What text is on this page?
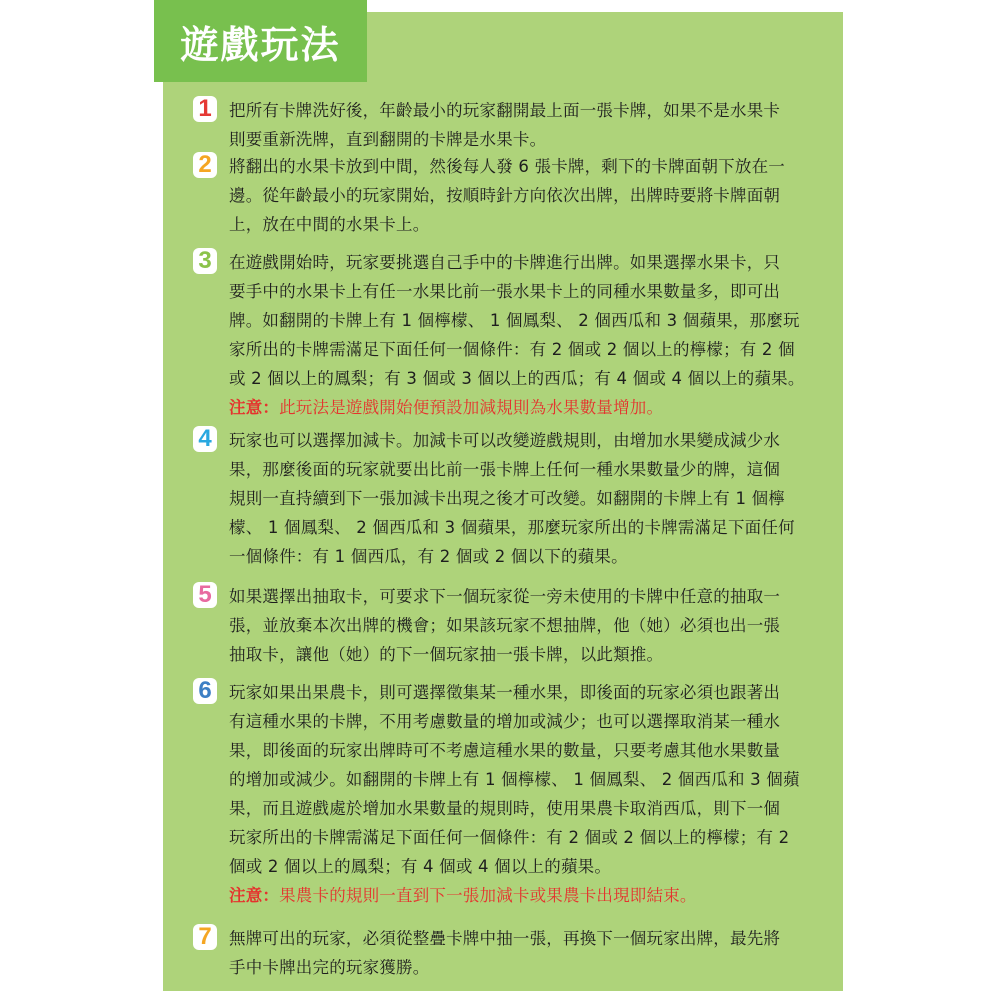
遊戲玩法
1 把所有卡牌洗好後，年齡最小的玩家翻開最上面一張卡牌，如果不是水果卡
則要重新洗牌，直到翻開的卡牌是水果卡。
2 將翻出的水果卡放到中間，然後每人發 6 張卡牌，剩下的卡牌面朝下放在一
邊。從年齡最小的玩家開始，按順時針方向依次出牌，出牌時要將卡牌面朝
上，放在中間的水果卡上。
3 在遊戲開始時，玩家要挑選自己手中的卡牌進行出牌。如果選擇水果卡，只
要手中的水果卡上有任一水果比前一張水果卡上的同種水果數量多，即可出
牌。如翻開的卡牌上有 1 個檸檬、 1 個鳳梨、 2 個西瓜和 3 個蘋果，那麼玩
家所出的卡牌需滿足下面任何一個條件：有 2 個或 2 個以上的檸檬；有 2 個
或 2 個以上的鳳梨；有 3 個或 3 個以上的西瓜；有 4 個或 4 個以上的蘋果。
注意：此玩法是遊戲開始便預設加減規則為水果數量增加。
4 玩家也可以選擇加減卡。加減卡可以改變遊戲規則，由增加水果變成減少水
果，那麼後面的玩家就要出比前一張卡牌上任何一種水果數量少的牌，這個
規則一直持續到下一張加減卡出現之後才可改變。如翻開的卡牌上有 1 個檸
檬、 1 個鳳梨、 2 個西瓜和 3 個蘋果，那麼玩家所出的卡牌需滿足下面任何
一個條件：有 1 個西瓜，有 2 個或 2 個以下的蘋果。
5 如果選擇出抽取卡，可要求下一個玩家從一旁未使用的卡牌中任意的抽取一
張，並放棄本次出牌的機會；如果該玩家不想抽牌，他（她）必須也出一張
抽取卡，讓他（她）的下一個玩家抽一張卡牌，以此類推。
6 玩家如果出果農卡，則可選擇徵集某一種水果，即後面的玩家必須也跟著出
有這種水果的卡牌，不用考慮數量的增加或減少；也可以選擇取消某一種水
果，即後面的玩家出牌時可不考慮這種水果的數量，只要考慮其他水果數量
的增加或減少。如翻開的卡牌上有 1 個檸檬、 1 個鳳梨、 2 個西瓜和 3 個蘋
果，而且遊戲處於增加水果數量的規則時，使用果農卡取消西瓜，則下一個
玩家所出的卡牌需滿足下面任何一個條件：有 2 個或 2 個以上的檸檬；有 2
個或 2 個以上的鳳梨；有 4 個或 4 個以上的蘋果。
注意：果農卡的規則一直到下一張加減卡或果農卡出現即結束。
7 無牌可出的玩家，必須從整疊卡牌中抽一張，再換下一個玩家出牌，最先將
手中卡牌出完的玩家獲勝。
